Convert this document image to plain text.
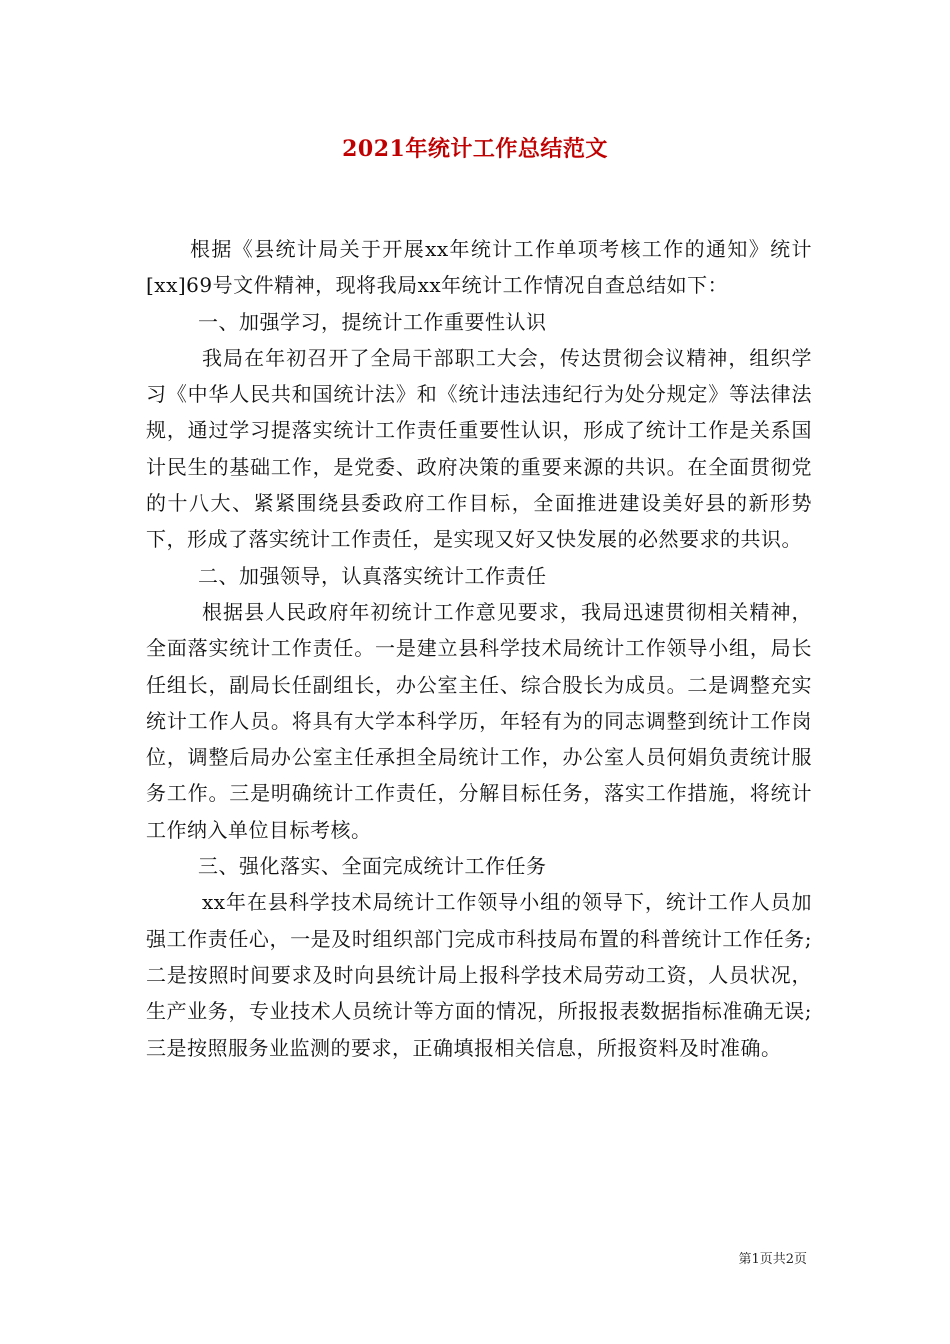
2021年统计工作总结范文

根据《县统计局关于开展xx年统计工作单项考核工作的通知》统计[xx]69号文件精神，现将我局xx年统计工作情况自查总结如下：

一、加强学习，提统计工作重要性认识

我局在年初召开了全局干部职工大会，传达贯彻会议精神，组织学习《中华人民共和国统计法》和《统计违法违纪行为处分规定》等法律法规，通过学习提落实统计工作责任重要性认识，形成了统计工作是关系国计民生的基础工作，是党委、政府决策的重要来源的共识。在全面贯彻党的十八大、紧紧围绕县委政府工作目标，全面推进建设美好县的新形势下，形成了落实统计工作责任，是实现又好又快发展的必然要求的共识。

二、加强领导，认真落实统计工作责任

根据县人民政府年初统计工作意见要求，我局迅速贯彻相关精神，全面落实统计工作责任。一是建立县科学技术局统计工作领导小组，局长任组长，副局长任副组长，办公室主任、综合股长为成员。二是调整充实统计工作人员。将具有大学本科学历，年轻有为的同志调整到统计工作岗位，调整后局办公室主任承担全局统计工作，办公室人员何娟负责统计服务工作。三是明确统计工作责任，分解目标任务，落实工作措施，将统计工作纳入单位目标考核。

三、强化落实、全面完成统计工作任务

xx年在县科学技术局统计工作领导小组的领导下，统计工作人员加强工作责任心，一是及时组织部门完成市科技局布置的科普统计工作任务;二是按照时间要求及时向县统计局上报科学技术局劳动工资，人员状况，生产业务，专业技术人员统计等方面的情况，所报报表数据指标准确无误;三是按照服务业监测的要求，正确填报相关信息，所报资料及时准确。

第1页共2页
